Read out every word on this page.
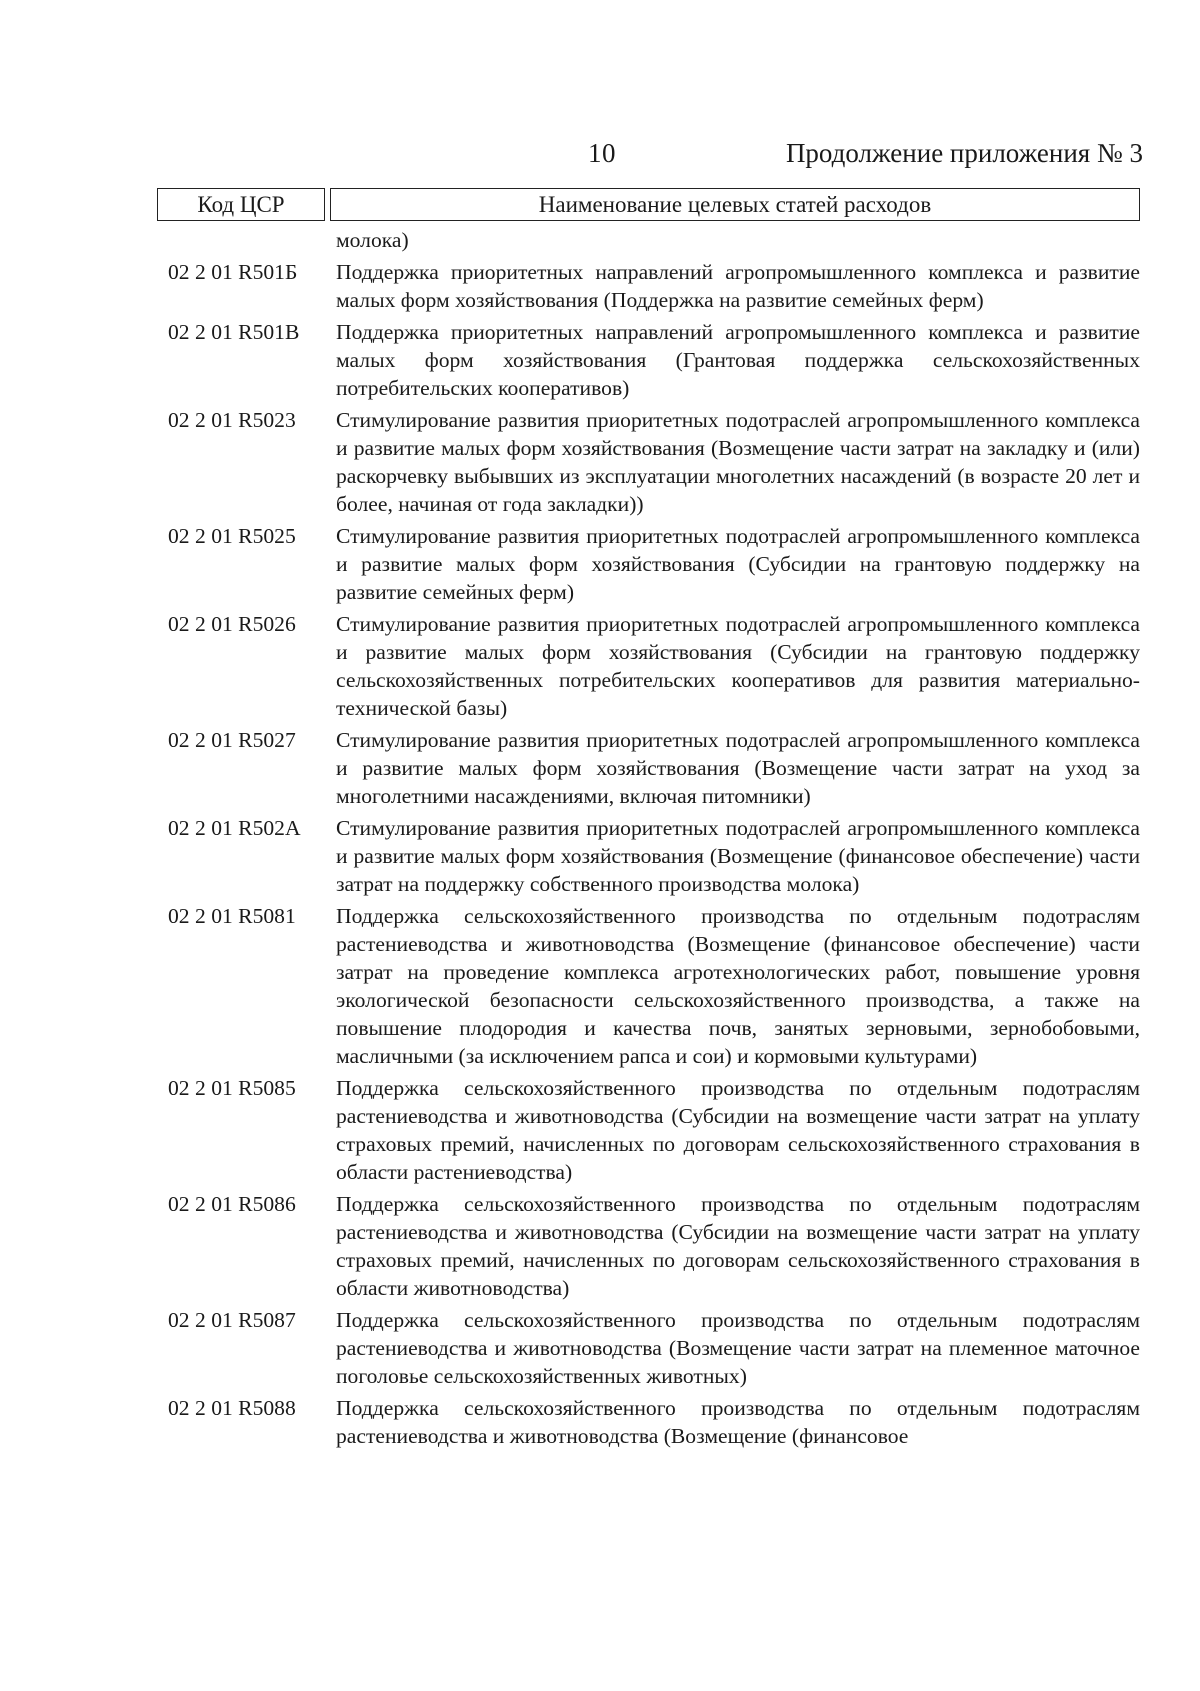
10	Продолжение приложения № 3
Код ЦСР	Наименование целевых статей расходов
молока)
02 2 01 R501Б	Поддержка приоритетных направлений агропромышленного комплекса и развитие малых форм хозяйствования (Поддержка на развитие семейных ферм)
02 2 01 R501В	Поддержка приоритетных направлений агропромышленного комплекса и развитие малых форм хозяйствования (Грантовая поддержка сельскохозяйственных потребительских кооперативов)
02 2 01 R5023	Стимулирование развития приоритетных подотраслей агропромышленного комплекса и развитие малых форм хозяйствования (Возмещение части затрат на закладку и (или) раскорчевку выбывших из эксплуатации многолетних насаждений (в возрасте 20 лет и более, начиная от года закладки))
02 2 01 R5025	Стимулирование развития приоритетных подотраслей агропромышленного комплекса и развитие малых форм хозяйствования (Субсидии на грантовую поддержку на развитие семейных ферм)
02 2 01 R5026	Стимулирование развития приоритетных подотраслей агропромышленного комплекса и развитие малых форм хозяйствования (Субсидии на грантовую поддержку сельскохозяйственных потребительских кооперативов для развития материально-технической базы)
02 2 01 R5027	Стимулирование развития приоритетных подотраслей агропромышленного комплекса и развитие малых форм хозяйствования (Возмещение части затрат на уход за многолетними насаждениями, включая питомники)
02 2 01 R502А	Стимулирование развития приоритетных подотраслей агропромышленного комплекса и развитие малых форм хозяйствования (Возмещение (финансовое обеспечение) части затрат на поддержку собственного производства молока)
02 2 01 R5081	Поддержка сельскохозяйственного производства по отдельным подотраслям растениеводства и животноводства (Возмещение (финансовое обеспечение) части затрат на проведение комплекса агротехнологических работ, повышение уровня экологической безопасности сельскохозяйственного производства, а также на повышение плодородия и качества почв, занятых зерновыми, зернобобовыми, масличными (за исключением рапса и сои) и кормовыми культурами)
02 2 01 R5085	Поддержка сельскохозяйственного производства по отдельным подотраслям растениеводства и животноводства (Субсидии на возмещение части затрат на уплату страховых премий, начисленных по договорам сельскохозяйственного страхования в области растениеводства)
02 2 01 R5086	Поддержка сельскохозяйственного производства по отдельным подотраслям растениеводства и животноводства (Субсидии на возмещение части затрат на уплату страховых премий, начисленных по договорам сельскохозяйственного страхования в области животноводства)
02 2 01 R5087	Поддержка сельскохозяйственного производства по отдельным подотраслям растениеводства и животноводства (Возмещение части затрат на племенное маточное поголовье сельскохозяйственных животных)
02 2 01 R5088	Поддержка сельскохозяйственного производства по отдельным подотраслям растениеводства и животноводства (Возмещение (финансовое
